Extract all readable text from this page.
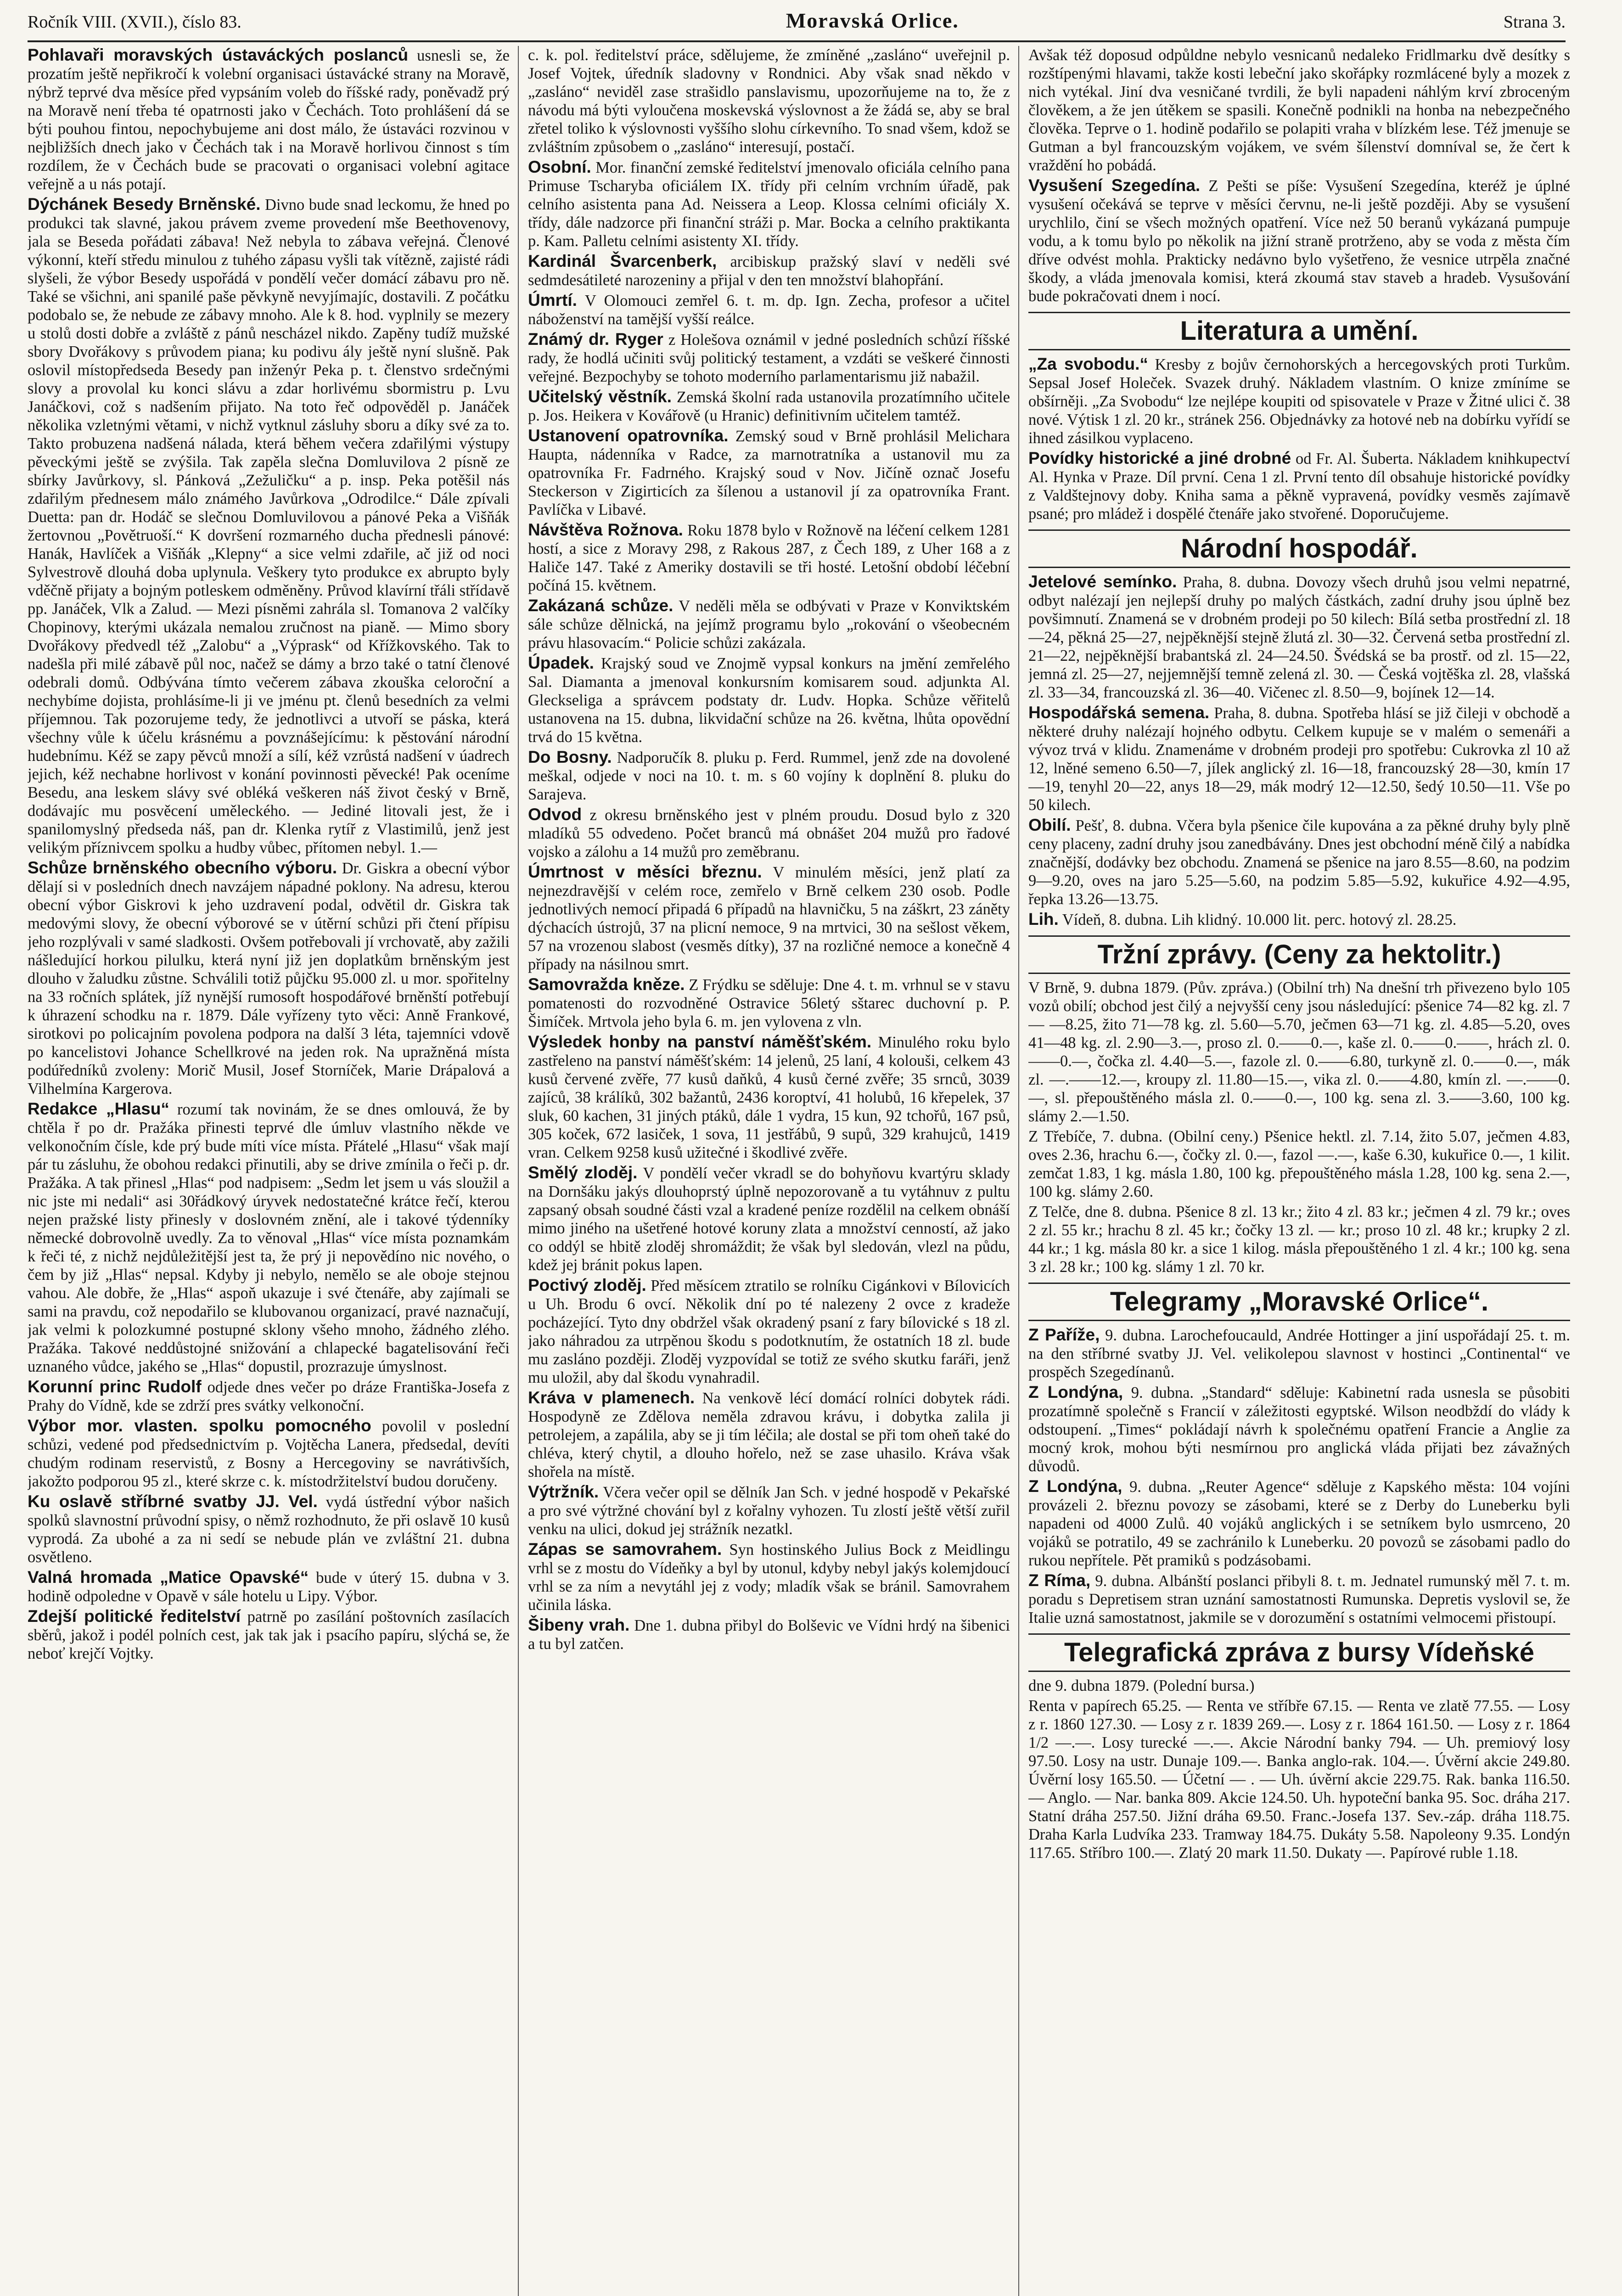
Ročník VIII. (XVII.), číslo 83.	Moravská Orlice.	Strana 3.
Pohlavaři moravských ústaváckých poslanců usnesli se, že prozatím ještě nepřikročí k volební organisaci ústavácké strany na Moravě, nýbrž teprvé dva měsíce před vypsáním voleb do říšské rady, poněvadž prý na Moravě není třeba té opatrnosti jako v Čechách. Toto prohlášení dá se býti pouhou fintou, nepochybujeme ani dost málo, že ústaváci rozvinou v nejbližších dnech jako v Čechách tak i na Moravě horlivou činnost s tím rozdílem, že v Čechách bude se pracovati o organisaci volební agitace veřejně a u nás potají.
Dýchánek Besedy Brněnské. Divno bude snad leckomu, že hned po produkci tak slavné, jakou právem zveme provedení mše Beethovenovy, jala se Beseda pořádati zábava! Než nebyla to zábava veřejná. Členové výkonní, kteří středu minulou z tuhého zápasu vyšli tak vítězně, zajisté rádi slyšeli, že výbor Besedy uspořádá v pondělí večer domácí zábavu pro ně. Také se všichni, ani spanilé paše pěvkyně nevyjímajíc, dostavili. Z počátku podobalo se, že nebude ze zábavy mnoho. Ale k 8. hod. vyplnily se mezery u stolů dosti dobře a zvláště z pánů nescházel nikdo. Zapěny tudíž mužské sbory Dvořákovy s průvodem piana; ku podivu ály ještě nyní slušně. Pak oslovil místopředseda Besedy pan inženýr Peka p. t. členstvo srdečnými slovy a provolal ku konci slávu a zdar horlivému sbormistru p. Lvu Janáčkovi, což s nadšením přijato. Na toto řeč odpověděl p. Janáček několika vzletnými větami, v nichž vytknul zásluhy sboru a díky své za to. Takto probuzena nadšená nálada, která během večera zdařilými výstupy pěveckými ještě se zvýšila. Tak zapěla slečna Domluvilova 2 písně ze sbírky Javůrkovy, sl. Pánková „Zežuličku“ a p. insp. Peka potěšil nás zdařilým přednesem málo známého Javůrkova „Odrodilce.“ Dále zpívali Duetta: pan dr. Hodáč se slečnou Domluvilovou a pánové Peka a Višňák žertovnou „Povětruoší.“ K dovršení rozmarného ducha přednesli pánové: Hanák, Havlíček a Višňák „Klepny“ a sice velmi zdařile, ač již od noci Sylvestrově dlouhá doba uplynula. Veškery tyto produkce ex abrupto byly vděčně přijaty a bojným potleskem odměněny. Průvod klavírní třáli střídavě pp. Janáček, Vlk a Zalud. — Mezi písněmi zahrála sl. Tomanova 2 valčíky Chopinovy, kterými ukázala nemalou zručnost na pianě. — Mimo sbory Dvořákovy předvedl též „Zalobu“ a „Výprask“ od Křížkovského. Tak to nadešla při milé zábavě půl noc, načež se dámy a brzo také o tatní členové odebrali domů. Odbývána tímto večerem zábava zkouška celoroční a nechybíme dojista, prohlásíme-li ji ve jménu pt. členů besedních za velmi příjemnou. Tak pozorujeme tedy, že jednotlivci a utvoří se páska, která všechny vůle k účelu krásnému a povznášejícímu: k pěstování národní hudebnímu. Kéž se zapy pěvců množí a sílí, kéž vzrůstá nadšení v úadrech jejich, kéž nechabne horlivost v konání povinnosti pěvecké! Pak oceníme Besedu, ana leskem slávy své obléká veškeren náš život český v Brně, dodávajíc mu posvěcení uměleckého. — Jediné litovali jest, že i spanilomyslný předseda náš, pan dr. Klenka rytíř z Vlastimilů, jenž jest velikým příznivcem spolku a hudby vůbec, přítomen nebyl. 1.—
Schůze brněnského obecního výboru. Dr. Giskra a obecní výbor dělají si v posledních dnech navzájem nápadné poklony. Na adresu, kterou obecní výbor Giskrovi k jeho uzdravení podal, odvětil dr. Giskra tak medovými slovy, že obecní výborové se v útěrní schůzi při čtení přípisu jeho rozplývali v samé sladkosti. Ovšem potřebovali jí vrchovatě, aby zažili nášledující horkou pilulku, která nyní již jen doplatkům brněnským jest dlouho v žaludku zůstne. Schválili totiž půjčku 95.000 zl. u mor. spořitelny na 33 ročních splátek, jíž nynější rumosoft hospodářové brněnští potřebují k úhrazení schodku na r. 1879. Dále vyřízeny tyto věci: Anně Frankové, sirotkovi po policajním povolena podpora na další 3 léta, tajemníci vdově po kancelistovi Johance Schellkrové na jeden rok. Na upražněná místa podúředníků zvoleny: Morič Musil, Josef Storníček, Marie Drápalová a Vilhelmína Kargerova.
Redakce „Hlasu“ rozumí tak novinám, že se dnes omlouvá, že by chtěla ř po dr. Pražáka přinesti teprvé dle úmluv vlastního někde ve velkonočním čísle, kde prý bude míti více místa. Přátelé „Hlasu“ však mají pár tu zásluhu, že obohou redakci přinutili, aby se drive zmínila o řeči p. dr. Pražáka. A tak přinesl „Hlas“ pod nadpisem: „Sedm let jsem u vás sloužil a nic jste mi nedali“ asi 30řádkový úryvek nedostatečné krátce řečí, kterou nejen pražské listy přinesly v doslovném znění, ale i takové týdenníky německé dobrovolně uvedly. Za to věnoval „Hlas“ více místa poznamkám k řeči té, z nichž nejdůležitější jest ta, že prý ji nepovědíno nic nového, o čem by již „Hlas“ nepsal. Kdyby ji nebylo, nemělo se ale oboje stejnou vahou. Ale dobře, že „Hlas“ aspoň ukazuje i své čtenáře, aby zajímali se sami na pravdu, což nepodařilo se klubovanou organizací, pravé naznačují, jak velmi k polozkumné postupné sklony všeho mnoho, žádného zlého. Pražáka. Takové neddůstojné snižování a chlapecké bagatelisování řeči uznaného vůdce, jakého se „Hlas“ dopustil, prozrazuje úmyslnost.
Korunní princ Rudolf odjede dnes večer po dráze Františka-Josefa z Prahy do Vídně, kde se zdrží pres svátky velkonoční.
Výbor mor. vlasten. spolku pomocného povolil v poslední schůzi, vedené pod předsednictvím p. Vojtěcha Lanera, předsedal, devíti chudým rodinam reservistů, z Bosny a Hercegoviny se navrátivších, jakožto podporou 95 zl., které skrze c. k. místodržitelství budou doručeny.
Ku oslavě stříbrné svatby JJ. Vel. vydá ústřední výbor našich spolků slavnostní průvodní spisy, o němž rozhodnuto, že při oslavě 10 kusů vyprodá. Za ubohé a za ni sedí se nebude plán ve zvláštní 21. dubna osvětleno.
Valná hromada „Matice Opavské“ bude v úterý 15. dubna v 3. hodině odpoledne v Opavě v sále hotelu u Lipy. Výbor.
Zdejší politické ředitelství patrně po zasílání poštovních zasílacích sběrů, jakož i podél polních cest, jak tak jak i psacího papíru, slýchá se, že neboť krejčí Vojtky.
c. k. pol. ředitelství práce, sdělujeme, že zmíněné „zasláno“ uveřejnil p. Josef Vojtek, úředník sladovny v Rondnici. Aby však snad někdo v „zasláno“ neviděl zase strašidlo panslavismu, upozorňujeme na to, že z návodu má býti vyloučena moskevská výslovnost a že žádá se, aby se bral zřetel toliko k výslovnosti vyššího slohu církevního. To snad všem, kdož se zvláštním způsobem o „zasláno“ interesují, postačí.
Osobní. Mor. finanční zemské ředitelství jmenovalo oficiála celního pana Primuse Tscharyba oficiálem IX. třídy při celním vrchním úřadě, pak celního asistenta pana Ad. Neissera a Leop. Klossa celními oficiály X. třídy, dále nadzorce při finanční stráži p. Mar. Bocka a celního praktikanta p. Kam. Palletu celními asistenty XI. třídy.
Kardinál Švarcenberk, arcibiskup pražský slaví v neděli své sedmdesátileté narozeniny a přijal v den ten množství blahopřání.
Úmrtí. V Olomouci zemřel 6. t. m. dp. Ign. Zecha, profesor a učitel náboženství na tamější vyšší reálce.
Známý dr. Ryger z Holešova oznámil v jedné posledních schůzí říšské rady, že hodlá učiniti svůj politický testament, a vzdáti se veškeré činnosti veřejné. Bezpochyby se tohoto moderního parlamentarismu již nabažil.
Učitelský věstník. Zemská školní rada ustanovila prozatímního učitele p. Jos. Heikera v Kovářově (u Hranic) definitivním učitelem tamtéž.
Ustanovení opatrovníka. Zemský soud v Brně prohlásil Melichara Haupta, nádenníka v Radce, za marnotratníka a ustanovil mu za opatrovníka Fr. Fadrného. Krajský soud v Nov. Jičíně označ Josefu Steckerson v Zigirticích za šílenou a ustanovil jí za opatrovníka Frant. Pavlíčka v Libavé.
Návštěva Rožnova. Roku 1878 bylo v Rožnově na léčení celkem 1281 hostí, a sice z Moravy 298, z Rakous 287, z Čech 189, z Uher 168 a z Haliče 147. Také z Ameriky dostavili se tři hosté. Letošní období léčební počíná 15. květnem.
Zakázaná schůze. V neděli měla se odbývati v Praze v Konviktském sále schůze dělnická, na jejímž programu bylo „rokování o všeobecném právu hlasovacím.“ Policie schůzi zakázala.
Úpadek. Krajský soud ve Znojmě vypsal konkurs na jmění zemřelého Sal. Diamanta a jmenoval konkursním komisarem soud. adjunkta Al. Gleckseliga a správcem podstaty dr. Ludv. Hopka. Schůze věřitelů ustanovena na 15. dubna, likvidační schůze na 26. května, lhůta opovědní trvá do 15 května.
Do Bosny. Nadporučík 8. pluku p. Ferd. Rummel, jenž zde na dovolené meškal, odjede v noci na 10. t. m. s 60 vojíny k doplnění 8. pluku do Sarajeva.
Odvod z okresu brněnského jest v plném proudu. Dosud bylo z 320 mladíků 55 odvedeno. Počet branců má obnášet 204 mužů pro řadové vojsko a zálohu a 14 mužů pro zeměbranu.
Úmrtnost v měsíci březnu. V minulém měsíci, jenž platí za nejnezdravější v celém roce, zemřelo v Brně celkem 230 osob. Podle jednotlivých nemocí připadá 6 případů na hlavničku, 5 na záškrt, 23 záněty dýchacích ústrojů, 37 na plicní nemoce, 9 na mrtvici, 30 na sešlost věkem, 57 na vrozenou slabost (vesměs dítky), 37 na rozličné nemoce a konečně 4 případy na násilnou smrt.
Samovražda kněze. Z Frýdku se sděluje: Dne 4. t. m. vrhnul se v stavu pomatenosti do rozvodněné Ostravice 56letý sštarec duchovní p. P. Šimíček. Mrtvola jeho byla 6. m. jen vylovena z vln.
Výsledek honby na panství náměšťském. Minulého roku bylo zastřeleno na panství náměšťském: 14 jelenů, 25 laní, 4 kolouši, celkem 43 kusů červené zvěře, 77 kusů daňků, 4 kusů černé zvěře; 35 srnců, 3039 zajíců, 38 králíků, 302 bažantů, 2436 koroptví, 41 holubů, 16 křepelek, 37 sluk, 60 kachen, 31 jiných ptáků, dále 1 vydra, 15 kun, 92 tchořů, 167 psů, 305 koček, 672 lasiček, 1 sova, 11 jestřábů, 9 supů, 329 krahujců, 1419 vran. Celkem 9258 kusů užitečné i škodlivé zvěře.
Smělý zloděj. V pondělí večer vkradl se do bohyňovu kvartýru sklady na Dornšáku jakýs dlouhoprstý úplně nepozorovaně a tu vytáhnuv z pultu zapsaný obsah soudné části vzal a kradené peníze rozdělil na celkem obnáší mimo jiného na ušetřené hotové koruny zlata a množství cenností, až jako co oddýl se hbitě zloděj shromáždit; že však byl sledován, vlezl na půdu, kdež jej bránit pokus lapen.
Poctivý zloděj. Před měsícem ztratilo se rolníku Cigánkovi v Bílovicích u Uh. Brodu 6 ovcí. Několik dní po té nalezeny 2 ovce z kradeže pocházející. Tyto dny obdržel však okradený psaní z fary bílovické s 18 zl. jako náhradou za utrpěnou škodu s podotknutím, že ostatních 18 zl. bude mu zasláno později. Zloděj vyzpovídal se totiž ze svého skutku faráři, jenž mu uložil, aby dal škodu vynahradil.
Kráva v plamenech. Na venkově lécí domácí rolníci dobytek rádi. Hospodyně ze Zdělova neměla zdravou krávu, i dobytka zalila ji petrolejem, a zapálila, aby se ji tím léčila; ale dostal se při tom oheň také do chléva, který chytil, a dlouho hořelo, než se zase uhasilo. Kráva však shořela na místě.
Výtržník. Včera večer opil se dělník Jan Sch. v jedné hospodě v Pekařské a pro své výtržné chování byl z kořalny vyhozen. Tu zlostí ještě větší zuřil venku na ulici, dokud jej strážník nezatkl.
Zápas se samovrahem. Syn hostinského Julius Bock z Meidlingu vrhl se z mostu do Vídeňky a byl by utonul, kdyby nebyl jakýs kolemjdoucí vrhl se za ním a nevytáhl jej z vody; mladík však se bránil. Samovrahem učinila láska.
Šibeny vrah. Dne 1. dubna přibyl do Bolševic ve Vídni hrdý na šibenici a tu byl zatčen.
Avšak též doposud odpůldne nebylo vesnicanů nedaleko Fridlmarku dvě desítky s rozštípenými hlavami, takže kosti lebeční jako skořápky rozmlácené byly a mozek z nich vytékal. Jiní dva vesničané tvrdili, že byli napadeni náhlým krví zbroceným člověkem, a že jen útěkem se spasili. Konečně podnikli na honba na nebezpečného člověka. Teprve o 1. hodině podařilo se polapiti vraha v blízkém lese. Též jmenuje se Gutman a byl francouzským vojákem, ve svém šílenství domníval se, že čert k vraždění ho pobádá.
Vysušení Szegedína. Z Pešti se píše: Vysušení Szegedína, kteréž je úplné vysušení očekává se teprve v měsíci červnu, ne-li ještě později. Aby se vysušení urychlilo, činí se všech možných opatření. Více než 50 beranů vykázaná pumpuje vodu, a k tomu bylo po několik na jižní straně protrženo, aby se voda z města čím dříve odvést mohla. Prakticky nedávno bylo vyšetřeno, že vesnice utrpěla značné škody, a vláda jmenovala komisi, která zkoumá stav staveb a hradeb. Vysušování bude pokračovati dnem i nocí.
Literatura a umění.
„Za svobodu.“ Kresby z bojův černohorských a hercegovských proti Turkům. Sepsal Josef Holeček. Svazek druhý. Nákladem vlastním. O knize zmíníme se obšírněji. „Za Svobodu“ lze nejlépe koupiti od spisovatele v Praze v Žitné ulici č. 38 nové. Výtisk 1 zl. 20 kr., stránek 256. Objednávky za hotové neb na dobírku vyřídí se ihned zásilkou vyplaceno.
Povídky historické a jiné drobné od Fr. Al. Šuberta. Nákladem knihkupectví Al. Hynka v Praze. Díl první. Cena 1 zl. První tento díl obsahuje historické povídky z Valdštejnovy doby. Kniha sama a pěkně vypravená, povídky vesměs zajímavě psané; pro mládež i dospělé čtenáře jako stvořené. Doporučujeme.
Národní hospodář.
Jetelové semínko. Praha, 8. dubna. Dovozy všech druhů jsou velmi nepatrné, odbyt nalézají jen nejlepší druhy po malých částkách, zadní druhy jsou úplně bez povšimnutí. Znamená se v drobném prodeji po 50 kilech: Bílá setba prostřední zl. 18—24, pěkná 25—27, nejpěknější stejně žlutá zl. 30—32. Červená setba prostřední zl. 21—22, nejpěknější brabantská zl. 24—24.50. Švédská se ba prostř. od zl. 15—22, jemná zl. 25—27, nejjemnější temně zelená zl. 30. — Česká vojtěška zl. 28, vlašská zl. 33—34, francouzská zl. 36—40. Vičenec zl. 8.50—9, bojínek 12—14.
Hospodářská semena. Praha, 8. dubna. Spotřeba hlásí se již čileji v obchodě a některé druhy nalézají hojného odbytu. Celkem kupuje se v malém o semenáři a vývoz trvá v klidu. Znamenáme v drobném prodeji pro spotřebu: Cukrovka zl 10 až 12, lněné semeno 6.50—7, jílek anglický zl. 16—18, francouzský 28—30, kmín 17—19, tenyhl 20—22, anys 18—29, mák modrý 12—12.50, šedý 10.50—11. Vše po 50 kilech.
Obilí. Pešť, 8. dubna. Včera byla pšenice čile kupována a za pěkné druhy byly plně ceny placeny, zadní druhy jsou zanedbávány. Dnes jest obchodní méně čilý a nabídka značnější, dodávky bez obchodu. Znamená se pšenice na jaro 8.55—8.60, na podzim 9—9.20, oves na jaro 5.25—5.60, na podzim 5.85—5.92, kukuřice 4.92—4.95, řepka 13.26—13.75.
Lih. Vídeň, 8. dubna. Lih klidný. 10.000 lit. perc. hotový zl. 28.25.
Tržní zprávy. (Ceny za hektolitr.)
V Brně, 9. dubna 1879. (Pův. zpráva.) (Obilní trh) Na dnešní trh přivezeno bylo 105 vozů obilí; obchod jest čilý a nejvyšší ceny jsou následující: pšenice 74—82 kg. zl. 7 — —8.25, žito 71—78 kg. zl. 5.60—5.70, ječmen 63—71 kg. zl. 4.85—5.20, oves 41—48 kg. zl. 2.90—3.—, proso zl. 0.——0.—, kaše zl. 0.——0.——, hrách zl. 0.——0.—, čočka zl. 4.40—5.—, fazole zl. 0.——6.80, turkyně zl. 0.——0.—, mák zl. —.——12.—, kroupy zl. 11.80—15.—, vika zl. 0.——4.80, kmín zl. —.——0.—, sl. přepouštěného másla zl. 0.——0.—, 100 kg. sena zl. 3.——3.60, 100 kg. slámy 2.—1.50.
Z Třebíče, 7. dubna. (Obilní ceny.) Pšenice hektl. zl. 7.14, žito 5.07, ječmen 4.83, oves 2.36, hrachu 6.—, čočky zl. 0.—, fazol —.—, kaše 6.30, kukuřice 0.—, 1 kilit. zemčat 1.83, 1 kg. másla 1.80, 100 kg. přepouštěného másla 1.28, 100 kg. sena 2.—, 100 kg. slámy 2.60.
Z Telče, dne 8. dubna. Pšenice 8 zl. 13 kr.; žito 4 zl. 83 kr.; ječmen 4 zl. 79 kr.; oves 2 zl. 55 kr.; hrachu 8 zl. 45 kr.; čočky 13 zl. — kr.; proso 10 zl. 48 kr.; krupky 2 zl. 44 kr.; 1 kg. másla 80 kr. a sice 1 kilog. másla přepouštěného 1 zl. 4 kr.; 100 kg. sena 3 zl. 28 kr.; 100 kg. slámy 1 zl. 70 kr.
Telegramy „Moravské Orlice“.
Z Paříže, 9. dubna. Larochefoucauld, Andrée Hottinger a jiní uspořádají 25. t. m. na den stříbrné svatby JJ. Vel. velikolepou slavnost v hostinci „Continental“ ve prospěch Szegedínanů.
Z Londýna, 9. dubna. „Standard“ sděluje: Kabinetní rada usnesla se působiti prozatímně společně s Francií v záležitosti egyptské. Wilson neodbždí do vlády k odstoupení. „Times“ pokládají návrh k společnému opatření Francie a Anglie za mocný krok, mohou býti nesmírnou pro anglická vláda přijati bez závažných důvodů.
Z Londýna, 9. dubna. „Reuter Agence“ sděluje z Kapského města: 104 vojíni provázeli 2. březnu povozy se zásobami, které se z Derby do Luneberku byli napadeni od 4000 Zulů. 40 vojáků anglických i se setníkem bylo usmrceno, 20 vojáků se potratilo, 49 se zachránilo k Luneberku. 20 povozů se zásobami padlo do rukou nepřítele. Pět pramiků s podzásobami.
Z Ríma, 9. dubna. Albánští poslanci přibyli 8. t. m. Jednatel rumunský měl 7. t. m. poradu s Depretisem stran uznání samostatnosti Rumunska. Depretis vyslovil se, že Italie uzná samostatnost, jakmile se v dorozumění s ostatními velmocemi přistoupí.
Telegrafická zpráva z bursy Vídeňské
dne 9. dubna 1879. (Polední bursa.)
Renta v papírech 65.25. — Renta ve stříbře 67.15. — Renta ve zlatě 77.55. — Losy z r. 1860 127.30. — Losy z r. 1839 269.—. Losy z r. 1864 161.50. — Losy z r. 1864 1/2 —.—. Losy turecké —.—. Akcie Národní banky 794. — Uh. premiový losy 97.50. Losy na ustr. Dunaje 109.—. Banka anglo-rak. 104.—. Úvěrní akcie 249.80. Úvěrní losy 165.50. — Účetní — . — Uh. úvěrní akcie 229.75. Rak. banka 116.50. — Anglo. — Nar. banka 809. Akcie 124.50. Uh. hypoteční banka 95. Soc. dráha 217. Statní dráha 257.50. Jižní dráha 69.50. Franc.-Josefa 137. Sev.-záp. dráha 118.75. Draha Karla Ludvíka 233. Tramway 184.75. Dukáty 5.58. Napoleony 9.35. Londýn 117.65. Stříbro 100.—. Zlatý 20 mark 11.50. Dukaty —. Papírové ruble 1.18.
